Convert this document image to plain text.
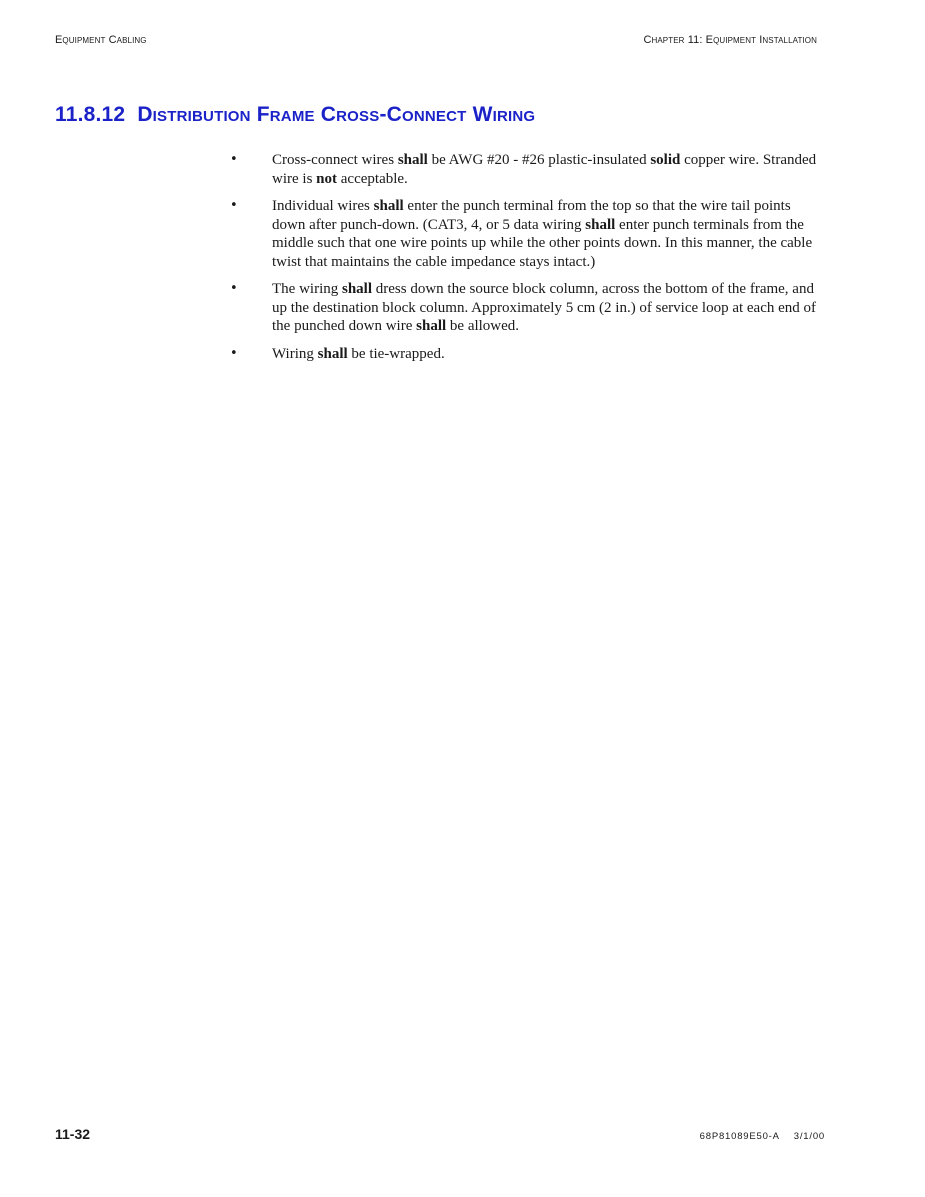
Equipment Cabling	Chapter 11: Equipment Installation
11.8.12 Distribution Frame Cross-Connect Wiring
• Cross-connect wires shall be AWG #20 - #26 plastic-insulated solid copper wire. Stranded wire is not acceptable.
• Individual wires shall enter the punch terminal from the top so that the wire tail points down after punch-down. (CAT3, 4, or 5 data wiring shall enter punch terminals from the middle such that one wire points up while the other points down. In this manner, the cable twist that maintains the cable impedance stays intact.)
• The wiring shall dress down the source block column, across the bottom of the frame, and up the destination block column. Approximately 5 cm (2 in.) of service loop at each end of the punched down wire shall be allowed.
• Wiring shall be tie-wrapped.
11-32	68P81089E50-A 3/1/00
